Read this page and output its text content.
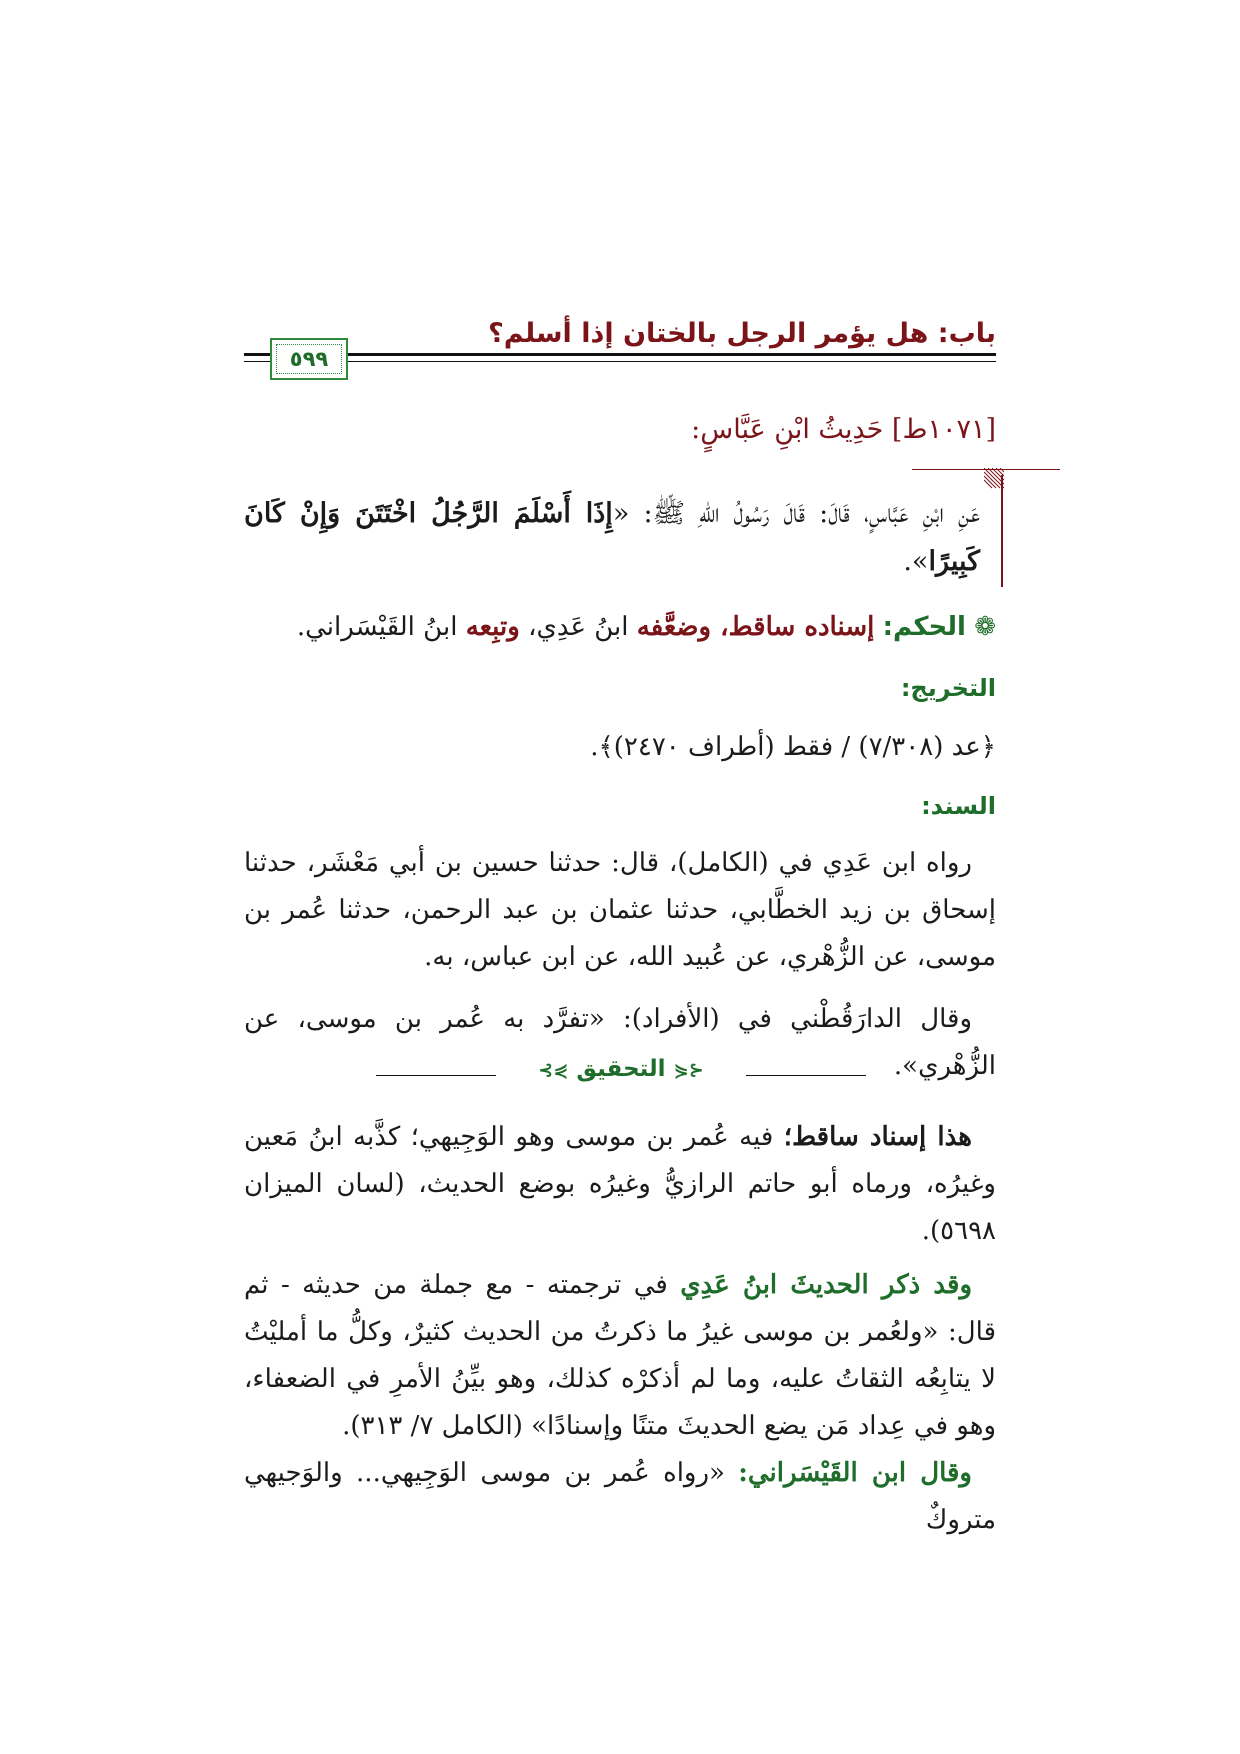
باب: هل يؤمر الرجل بالختان إذا أسلم؟
٥٩٩
[١٠٧١ط] حَدِيثُ ابْنِ عَبَّاسٍ:
عَنِ ابْنِ عَبَّاسٍ، قَالَ: قَالَ رَسُولُ اللهِ ﷺ: «إِذَا أَسْلَمَ الرَّجُلُ اخْتَتَنَ وَإِنْ كَانَ كَبِيرًا».
❁ الحكم: إسناده ساقط، وضعَّفه ابنُ عَدِي، وتبِعه ابنُ القَيْسَراني.
التخريج:
﴿عد (٧/٣٠٨) / فقط (أطراف ٢٤٧٠)﴾.
السند:
رواه ابن عَدِي في (الكامل)، قال: حدثنا حسين بن أبي مَعْشَر، حدثنا إسحاق بن زيد الخطَّابي، حدثنا عثمان بن عبد الرحمن، حدثنا عُمر بن موسى، عن الزُّهْري، عن عُبيد الله، عن ابن عباس، به.
وقال الدارَقُطْني في (الأفراد): «تفرَّد به عُمر بن موسى، عن الزُّهْري».
⊰⋞ التحقيق ⋟⊱
هذا إسناد ساقط؛ فيه عُمر بن موسى وهو الوَجِيهي؛ كذَّبه ابنُ مَعين وغيرُه، ورماه أبو حاتم الرازيُّ وغيرُه بوضع الحديث، (لسان الميزان ٥٦٩٨).
وقد ذكر الحديثَ ابنُ عَدِي في ترجمته - مع جملة من حديثه - ثم قال: «ولعُمر بن موسى غيرُ ما ذكرتُ من الحديث كثيرٌ، وكلُّ ما أمليْتُ لا يتابِعُه الثقاتُ عليه، وما لم أذكرْه كذلك، وهو بيِّنُ الأمرِ في الضعفاء، وهو في عِداد مَن يضع الحديثَ متنًا وإسنادًا» (الكامل ٧/ ٣١٣).
وقال ابن القَيْسَراني: «رواه عُمر بن موسى الوَجِيهي... والوَجيهي متروكٌ
